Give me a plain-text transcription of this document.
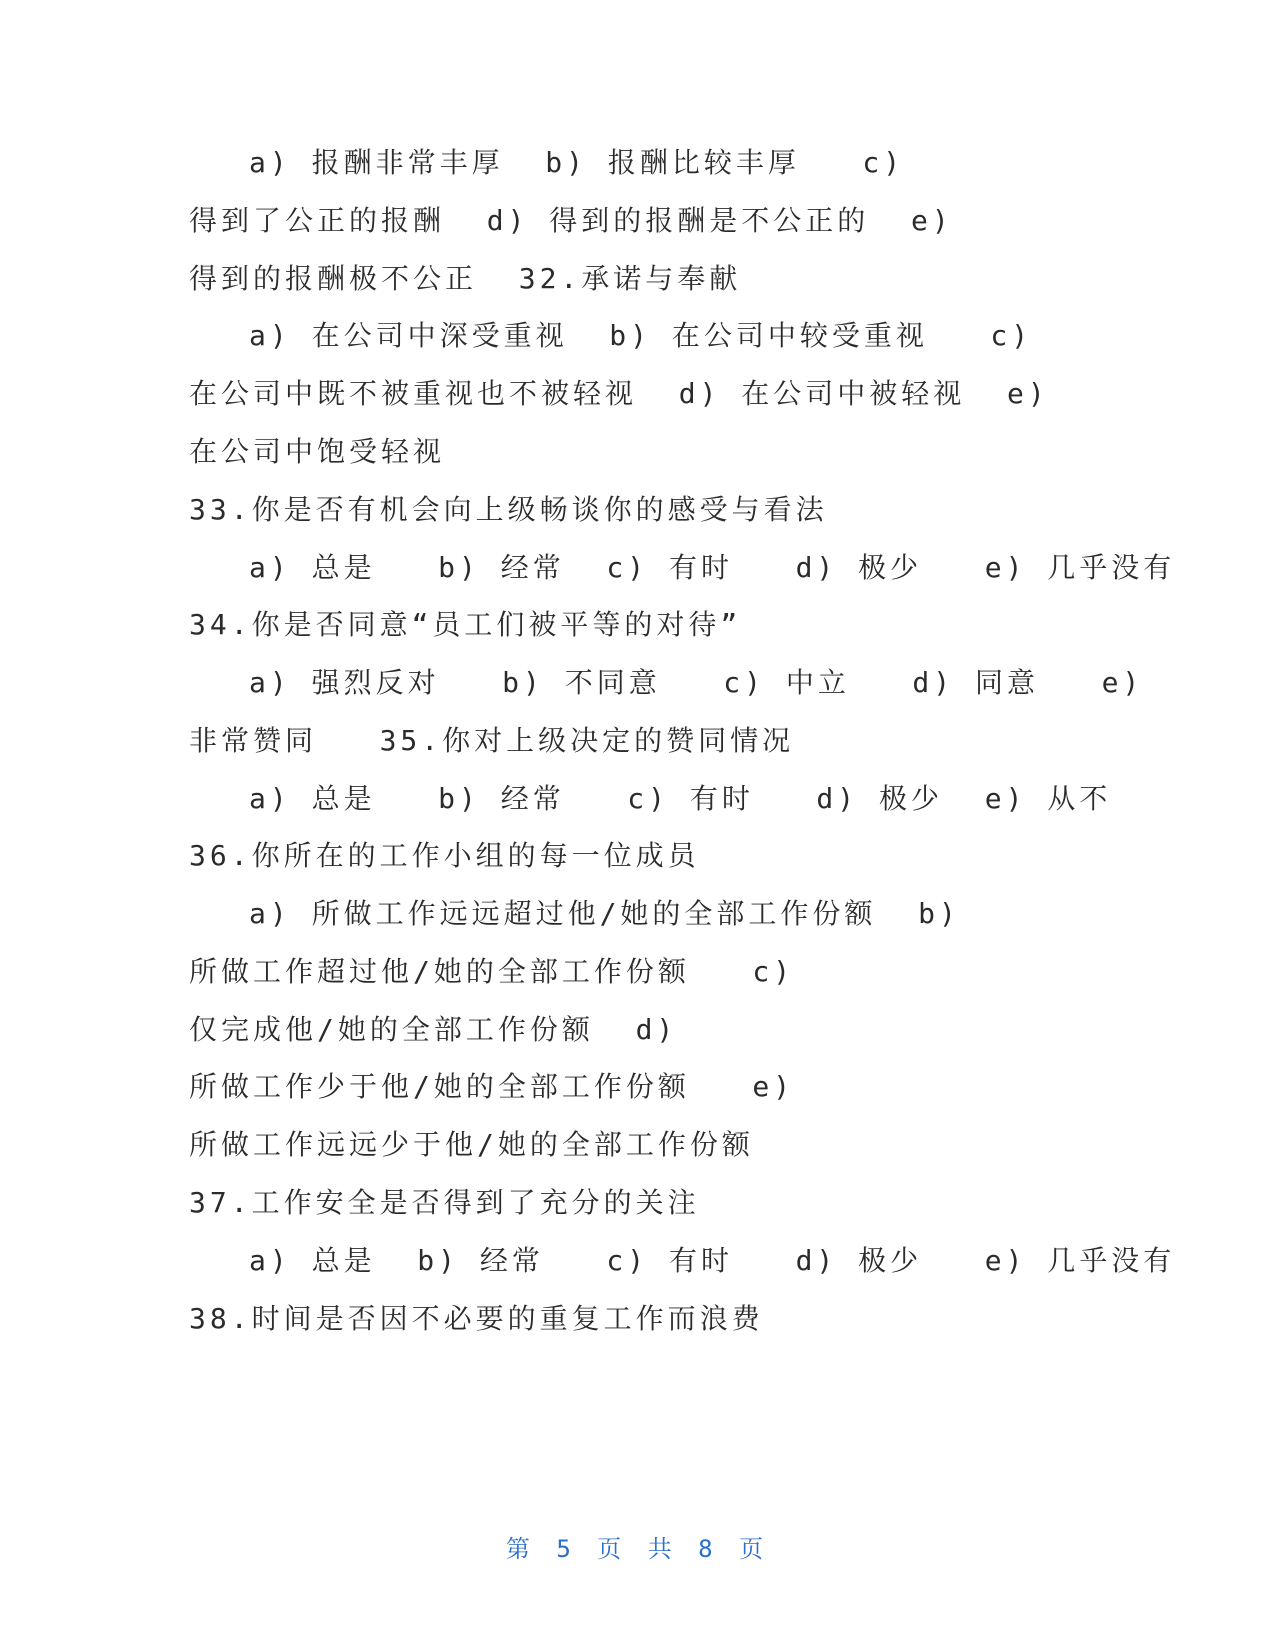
a) 报酬非常丰厚  b) 报酬比较丰厚   c)
得到了公正的报酬  d) 得到的报酬是不公正的  e)
得到的报酬极不公正  32.承诺与奉献
a) 在公司中深受重视  b) 在公司中较受重视   c)
在公司中既不被重视也不被轻视  d) 在公司中被轻视  e)
在公司中饱受轻视
33.你是否有机会向上级畅谈你的感受与看法
a) 总是   b) 经常  c) 有时   d) 极少   e) 几乎没有
34.你是否同意“员工们被平等的对待”
a) 强烈反对   b) 不同意   c) 中立   d) 同意   e)
非常赞同   35.你对上级决定的赞同情况
a) 总是   b) 经常   c) 有时   d) 极少  e) 从不
36.你所在的工作小组的每一位成员
a) 所做工作远远超过他/她的全部工作份额  b)
所做工作超过他/她的全部工作份额   c)
仅完成他/她的全部工作份额  d)
所做工作少于他/她的全部工作份额   e)
所做工作远远少于他/她的全部工作份额
37.工作安全是否得到了充分的关注
a) 总是  b) 经常   c) 有时   d) 极少   e) 几乎没有
38.时间是否因不必要的重复工作而浪费
第 5 页 共 8 页
